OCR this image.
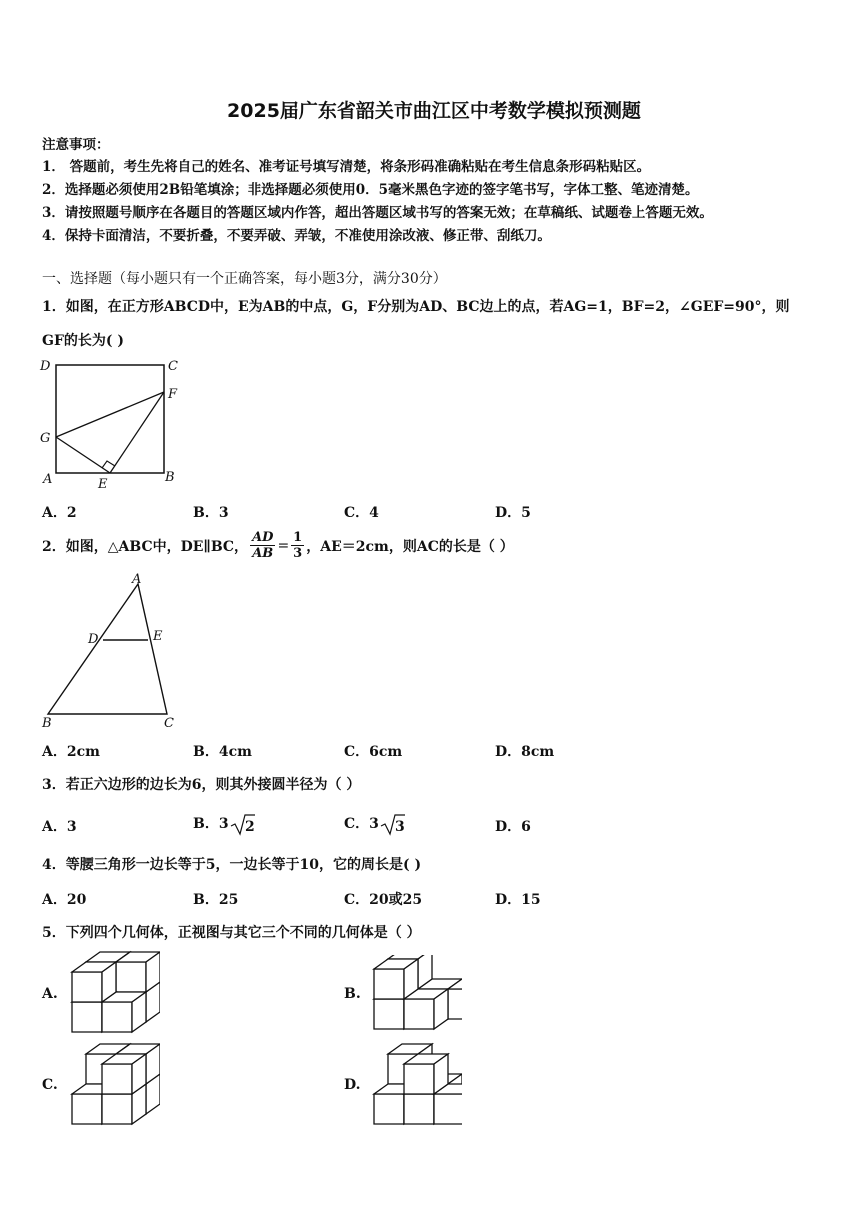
2025届广东省韶关市曲江区中考数学模拟预测题
注意事项：
1． 答题前，考生先将自己的姓名、准考证号填写清楚，将条形码准确粘贴在考生信息条形码粘贴区。
2．选择题必须使用2B铅笔填涂；非选择题必须使用0．5毫米黑色字迹的签字笔书写，字体工整、笔迹清楚。
3．请按照题号顺序在各题目的答题区域内作答，超出答题区域书写的答案无效；在草稿纸、试题卷上答题无效。
4．保持卡面清洁，不要折叠，不要弄破、弄皱，不准使用涂改液、修正带、刮纸刀。
一、选择题（每小题只有一个正确答案，每小题3分，满分30分）
1．如图，在正方形ABCD中，E为AB的中点，G，F分别为AD、BC边上的点，若AG=1，BF=2，∠GEF=90°，则
GF的长为( )
D	C
F
G
A	E	B
A．2	B．3	C．4	D．5
2．如图，△ABC中，DE∥BC， $\frac{AD}{AB} = \frac{1}{3}$ ，AE＝2cm，则AC的长是（ ）
A
D	E
B	C
A．2cm	B．4cm	C．6cm	D．8cm
3．若正六边形的边长为6，则其外接圆半径为（ ）
A．3	B．3 2	C．3 3	D．6
4．等腰三角形一边长等于5，一边长等于10，它的周长是( )
A．20	B．25	C．20或25	D．15
5．下列四个几何体，正视图与其它三个不同的几何体是（ ）
A.	B.
C.	D.
